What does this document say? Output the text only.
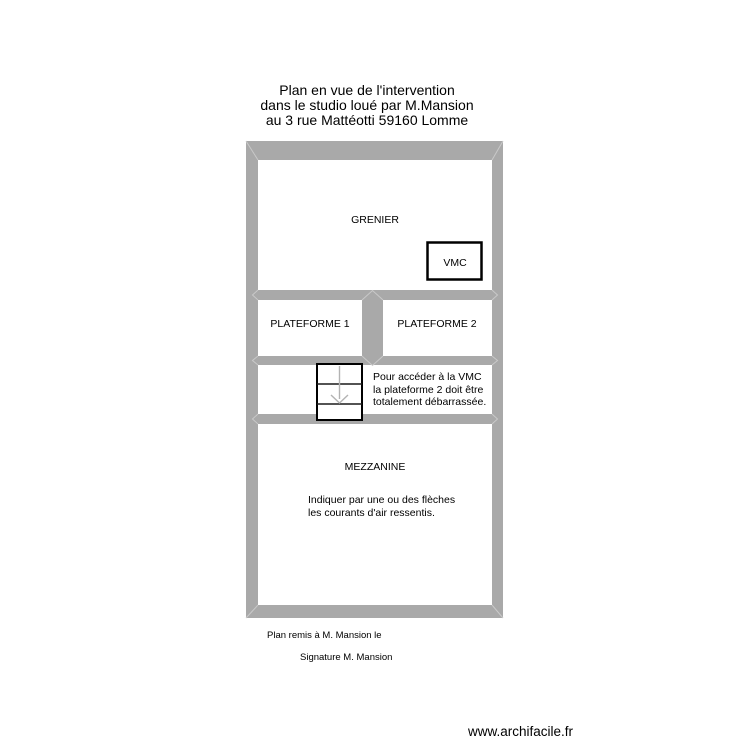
Plan en vue de l'intervention
dans le studio loué par M.Mansion
au 3 rue Mattéotti 59160 Lomme
GRENIER
VMC
PLATEFORME 1	PLATEFORME 2
MEZZANINE
Pour accéder à la VMC
la plateforme 2 doit être
totalement débarrassée.
Indiquer par une ou des flèches
les courants d'air ressentis.
Plan remis à M. Mansion le
Signature M. Mansion
www.archifacile.fr
